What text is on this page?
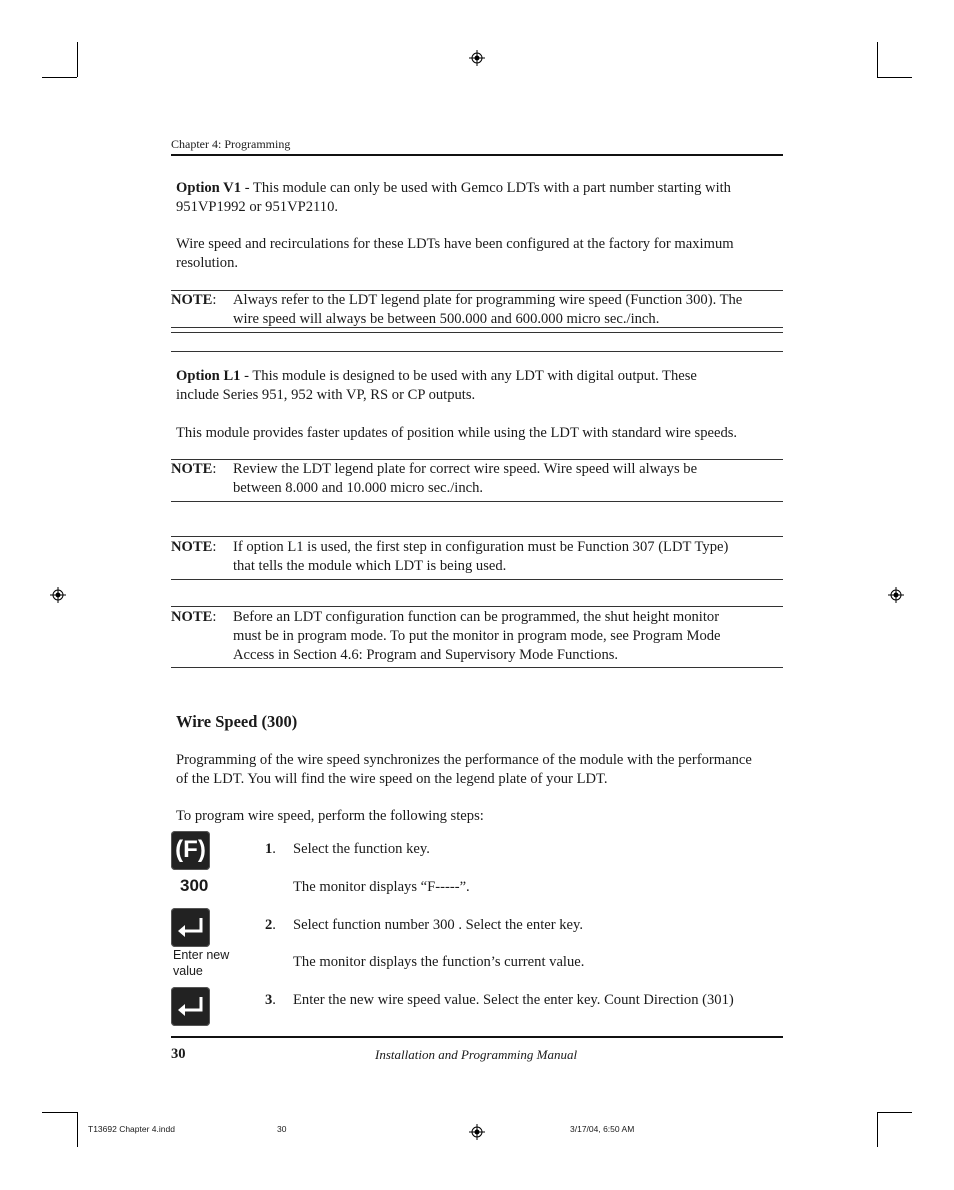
Chapter 4: Programming
Option V1 - This module can only be used with Gemco LDTs with a part number starting with
951VP1992 or 951VP2110.
Wire speed and recirculations for these LDTs have been configured at the factory for maximum
resolution.
NOTE: Always refer to the LDT legend plate for programming wire speed (Function 300). The
wire speed will always be between 500.000 and 600.000 micro sec./inch.
Option L1 - This module is designed to be used with any LDT with digital output. These
include Series 951, 952 with VP, RS or CP outputs.
This module provides faster updates of position while using the LDT with standard wire speeds.
NOTE: Review the LDT legend plate for correct wire speed. Wire speed will always be
between 8.000 and 10.000 micro sec./inch.
NOTE: If option L1 is used, the first step in configuration must be Function 307 (LDT Type)
that tells the module which LDT is being used.
NOTE: Before an LDT configuration function can be programmed, the shut height monitor
must be in program mode. To put the monitor in program mode, see Program Mode
Access in Section 4.6: Program and Supervisory Mode Functions.
Wire Speed (300)
Programming of the wire speed synchronizes the performance of the module with the performance
of the LDT. You will find the wire speed on the legend plate of your LDT.
To program wire speed, perform the following steps:
(F)
300
Enter new
value
1. Select the function key.
The monitor displays “F-----”.
2. Select function number 300 . Select the enter key.
The monitor displays the function’s current value.
3. Enter the new wire speed value. Select the enter key. Count Direction (301)
30	Installation and Programming Manual
T13692 Chapter 4.indd	30	3/17/04, 6:50 AM
